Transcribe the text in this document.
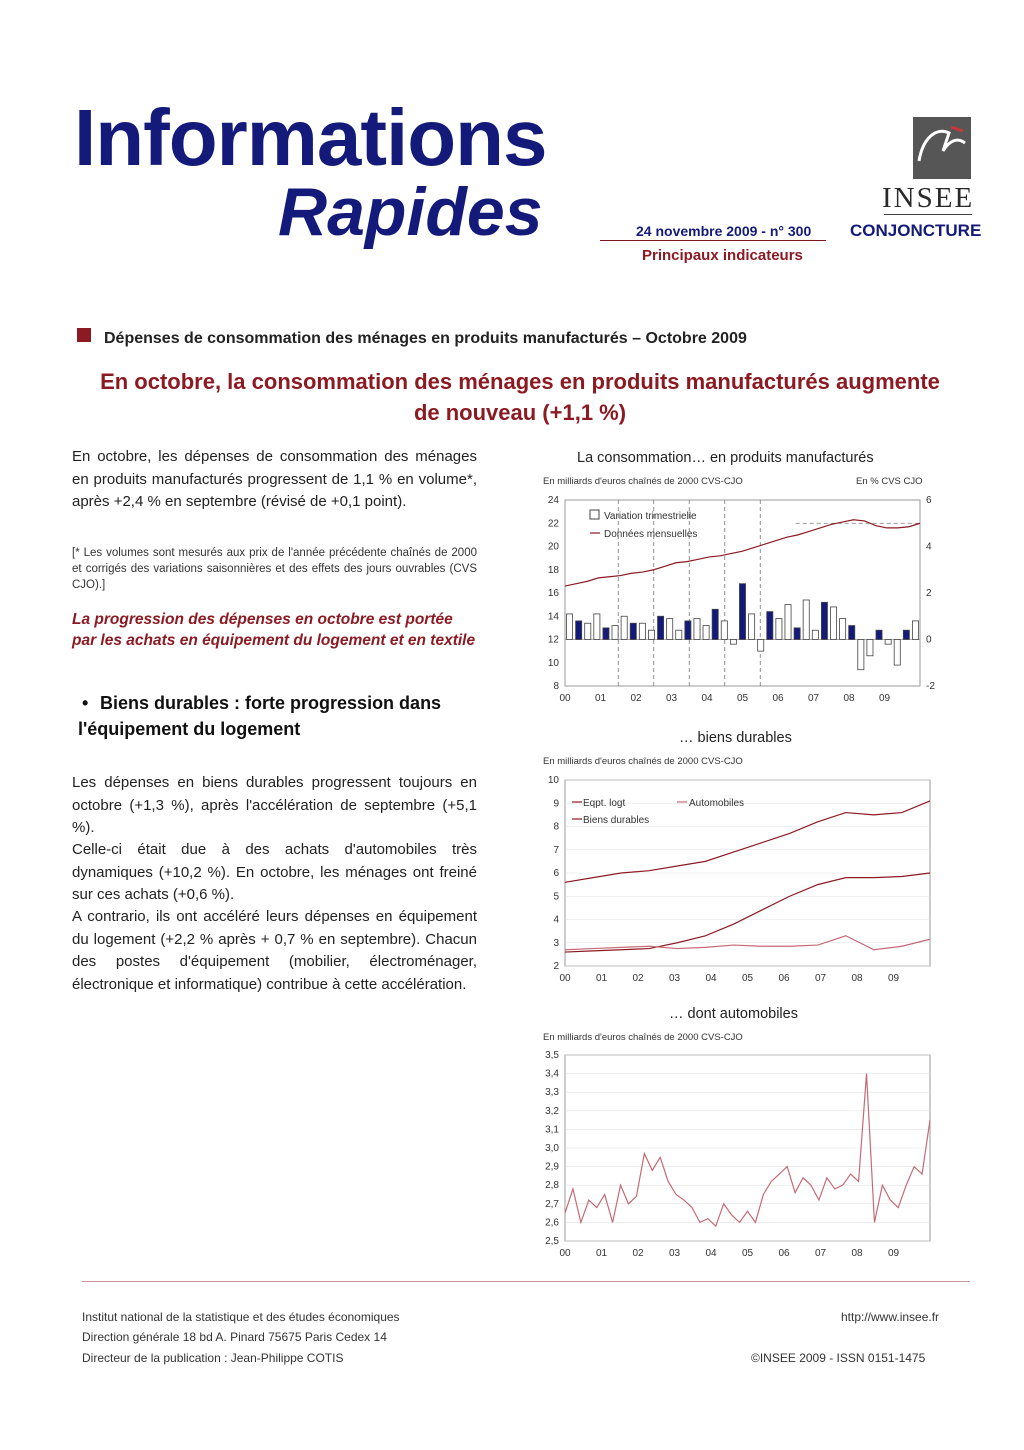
Informations
Rapides	24 novembre 2009 - n° 300
Principaux indicateurs
INSEE
CONJONCTURE
Dépenses de consommation des ménages en produits manufacturés – Octobre 2009
En octobre, la consommation des ménages en produits manufacturés augmente de nouveau (+1,1 %)
En octobre, les dépenses de consommation des ménages en produits manufacturés progressent de 1,1 % en volume*, après +2,4 % en septembre (révisé de +0,1 point).
[* Les volumes sont mesurés aux prix de l'année précédente chaînés de 2000 et corrigés des variations saisonnières et des effets des jours ouvrables (CVS CJO).]
La progression des dépenses en octobre est portée par les achats en équipement du logement et en textile
• Biens durables : forte progression dans l'équipement du logement
Les dépenses en biens durables progressent toujours en octobre (+1,3 %), après l'accélération de septembre (+5,1 %).
Celle-ci était due à des achats d'automobiles très dynamiques (+10,2 %). En octobre, les ménages ont freiné sur ces achats (+0,6 %).
A contrario, ils ont accéléré leurs dépenses en équipement du logement (+2,2 % après + 0,7 % en septembre). Chacun des postes d'équipement (mobilier, électroménager, électronique et informatique) contribue à cette accélération.
La consommation… en produits manufacturés
En milliards d'euros chaînés de 2000 CVS-CJO	En % CVS CJO
8
10
12
14
16
18
20
22
24
-2
0
2
4
6
00 01 02 03 04 05 06 07 08 09
Variation trimestrielle
Données mensuelles
… biens durables
En milliards d'euros chaînés de 2000 CVS-CJO
2
3
4
5
6
7
8
9
10
00	01	02	03	04	05	06	07	08	09
Eqpt. logt	Automobiles
Biens durables
… dont automobiles
En milliards d'euros chaînés de 2000 CVS-CJO
2,5
2,6
2,7
2,8
2,9
3,0
3,1
3,2
3,3
3,4
3,5
00	01	02	03	04	05	06	07	08	09
Institut national de la statistique et des études économiques
Direction générale 18 bd A. Pinard 75675 Paris Cedex 14
Directeur de la publication : Jean-Philippe COTIS
http://www.insee.fr
©INSEE 2009 - ISSN 0151-1475
